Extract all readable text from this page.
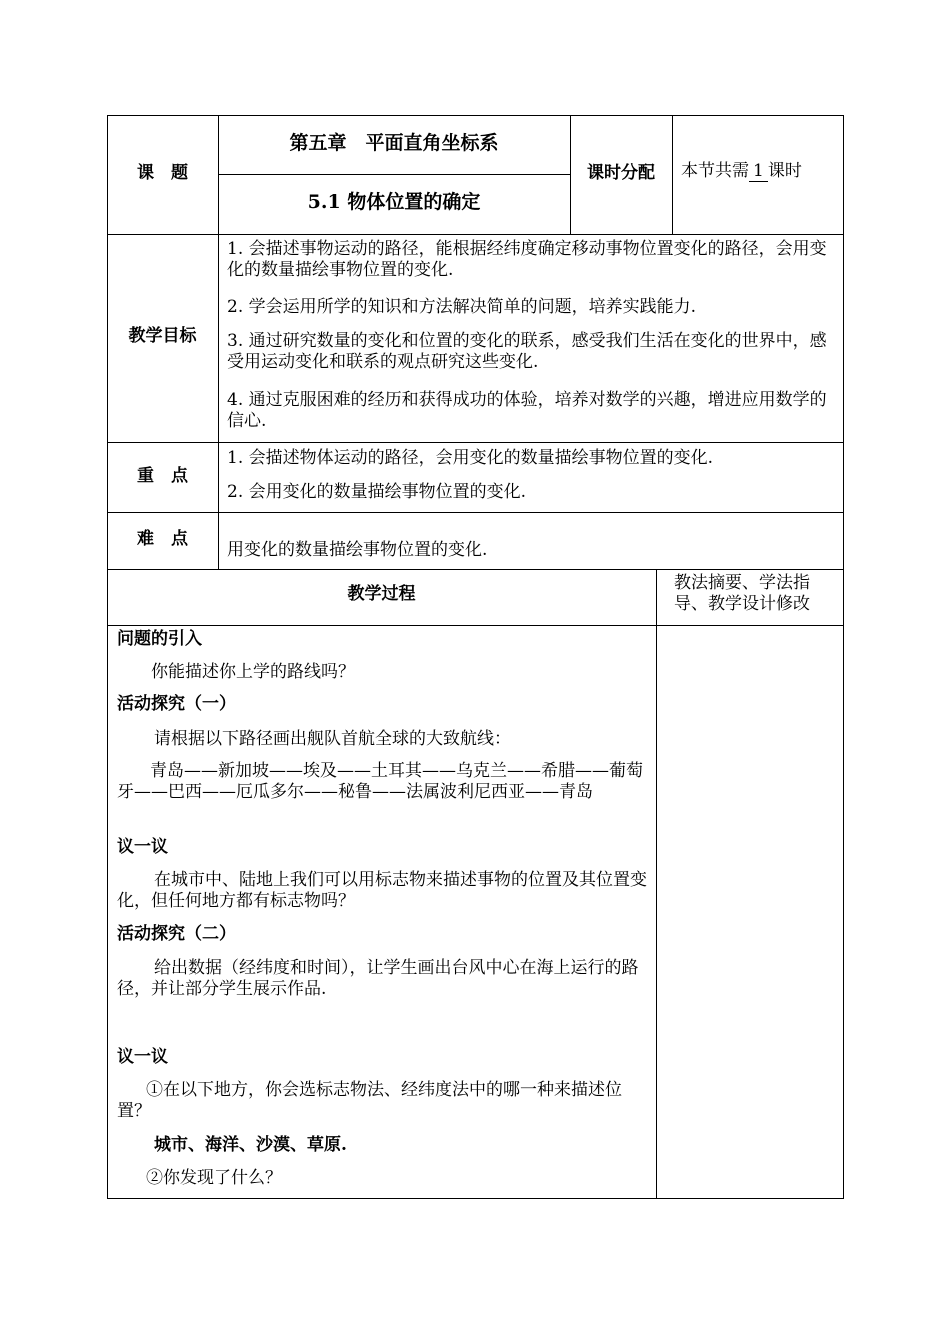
课　题
第五章　平面直角坐标系
5.1 物体位置的确定
课时分配	本节共需 1 课时
教学目标
1. 会描述事物运动的路径，能根据经纬度确定移动事物位置变化的路径，会用变化的数量描绘事物位置的变化.
2. 学会运用所学的知识和方法解决简单的问题，培养实践能力.
3. 通过研究数量的变化和位置的变化的联系，感受我们生活在变化的世界中，感受用运动变化和联系的观点研究这些变化.
4. 通过克服困难的经历和获得成功的体验，培养对数学的兴趣，增进应用数学的信心.
重　点
1. 会描述物体运动的路径，会用变化的数量描绘事物位置的变化.
2. 会用变化的数量描绘事物位置的变化.
难　点
用变化的数量描绘事物位置的变化.
教学过程
教法摘要、学法指导、教学设计修改
问题的引入
你能描述你上学的路线吗？
活动探究（一）
请根据以下路径画出舰队首航全球的大致航线：
青岛——新加坡——埃及——土耳其——乌克兰——希腊——葡萄牙——巴西——厄瓜多尔——秘鲁——法属波利尼西亚——青岛
议一议
在城市中、陆地上我们可以用标志物来描述事物的位置及其位置变化，但任何地方都有标志物吗？
活动探究（二）
给出数据（经纬度和时间），让学生画出台风中心在海上运行的路径，并让部分学生展示作品.
议一议
①在以下地方，你会选标志物法、经纬度法中的哪一种来描述位置？
城市、海洋、沙漠、草原.
②你发现了什么？
